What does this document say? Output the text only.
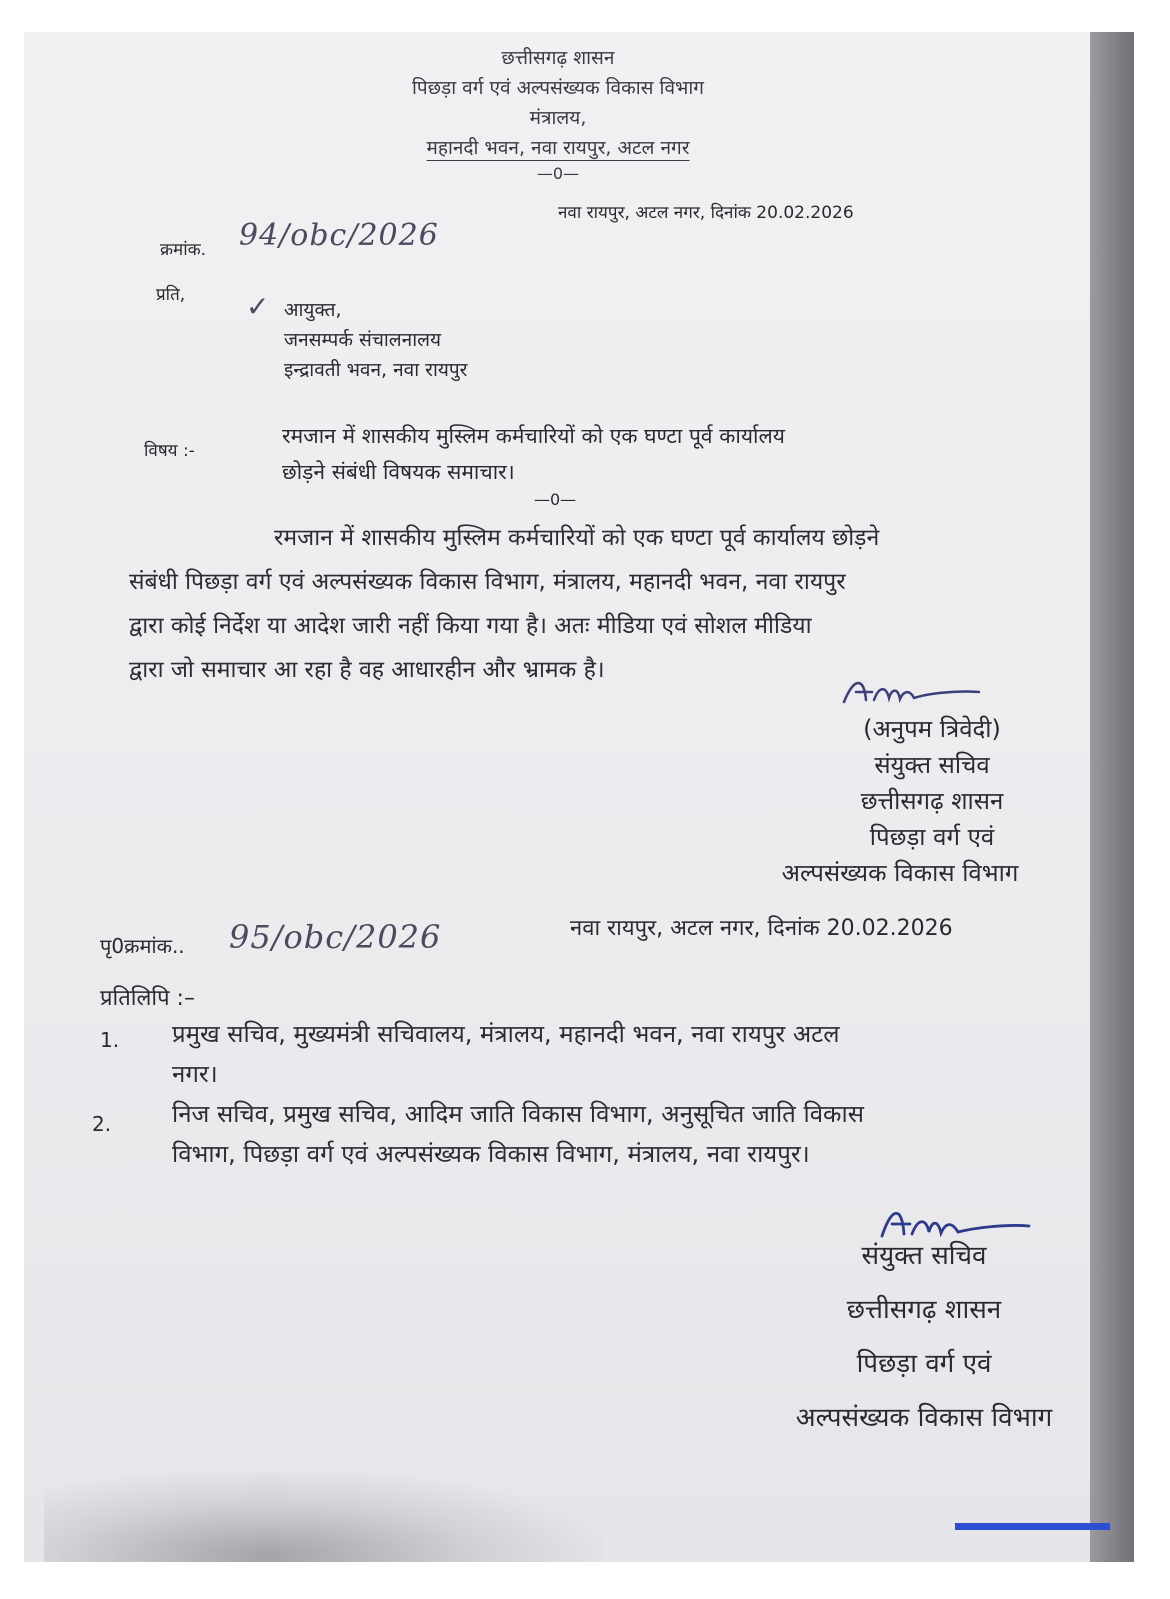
छत्तीसगढ़ शासन
पिछड़ा वर्ग एवं अल्पसंख्यक विकास विभाग
मंत्रालय,
महानदी भवन, नवा रायपुर, अटल नगर
—0—
क्रमांक. 94/obc/2026
नवा रायपुर, अटल नगर, दिनांक 20.02.2026
प्रति, ✓ आयुक्त,
जनसम्पर्क संचालनालय
इन्द्रावती भवन, नवा रायपुर
विषय :-
रमजान में शासकीय मुस्लिम कर्मचारियों को एक घण्टा पूर्व कार्यालय
छोड़ने संबंधी विषयक समाचार।
—0—
रमजान में शासकीय मुस्लिम कर्मचारियों को एक घण्टा पूर्व कार्यालय छोड़ने
संबंधी पिछड़ा वर्ग एवं अल्पसंख्यक विकास विभाग, मंत्रालय, महानदी भवन, नवा रायपुर
द्वारा कोई निर्देश या आदेश जारी नहीं किया गया है। अतः मीडिया एवं सोशल मीडिया
द्वारा जो समाचार आ रहा है वह आधारहीन और भ्रामक है।
(अनुपम त्रिवेदी)
संयुक्त सचिव
छत्तीसगढ़ शासन
पिछड़ा वर्ग एवं
अल्पसंख्यक विकास विभाग
पृ0क्रमांक.. 95/obc/2026	नवा रायपुर, अटल नगर, दिनांक 20.02.2026
प्रतिलिपि :–
1. प्रमुख सचिव, मुख्यमंत्री सचिवालय, मंत्रालय, महानदी भवन, नवा रायपुर अटल
नगर।
2.	निज सचिव, प्रमुख सचिव, आदिम जाति विकास विभाग, अनुसूचित जाति विकास
विभाग, पिछड़ा वर्ग एवं अल्पसंख्यक विकास विभाग, मंत्रालय, नवा रायपुर।
संयुक्त सचिव
छत्तीसगढ़ शासन
पिछड़ा वर्ग एवं
अल्पसंख्यक विकास विभाग
